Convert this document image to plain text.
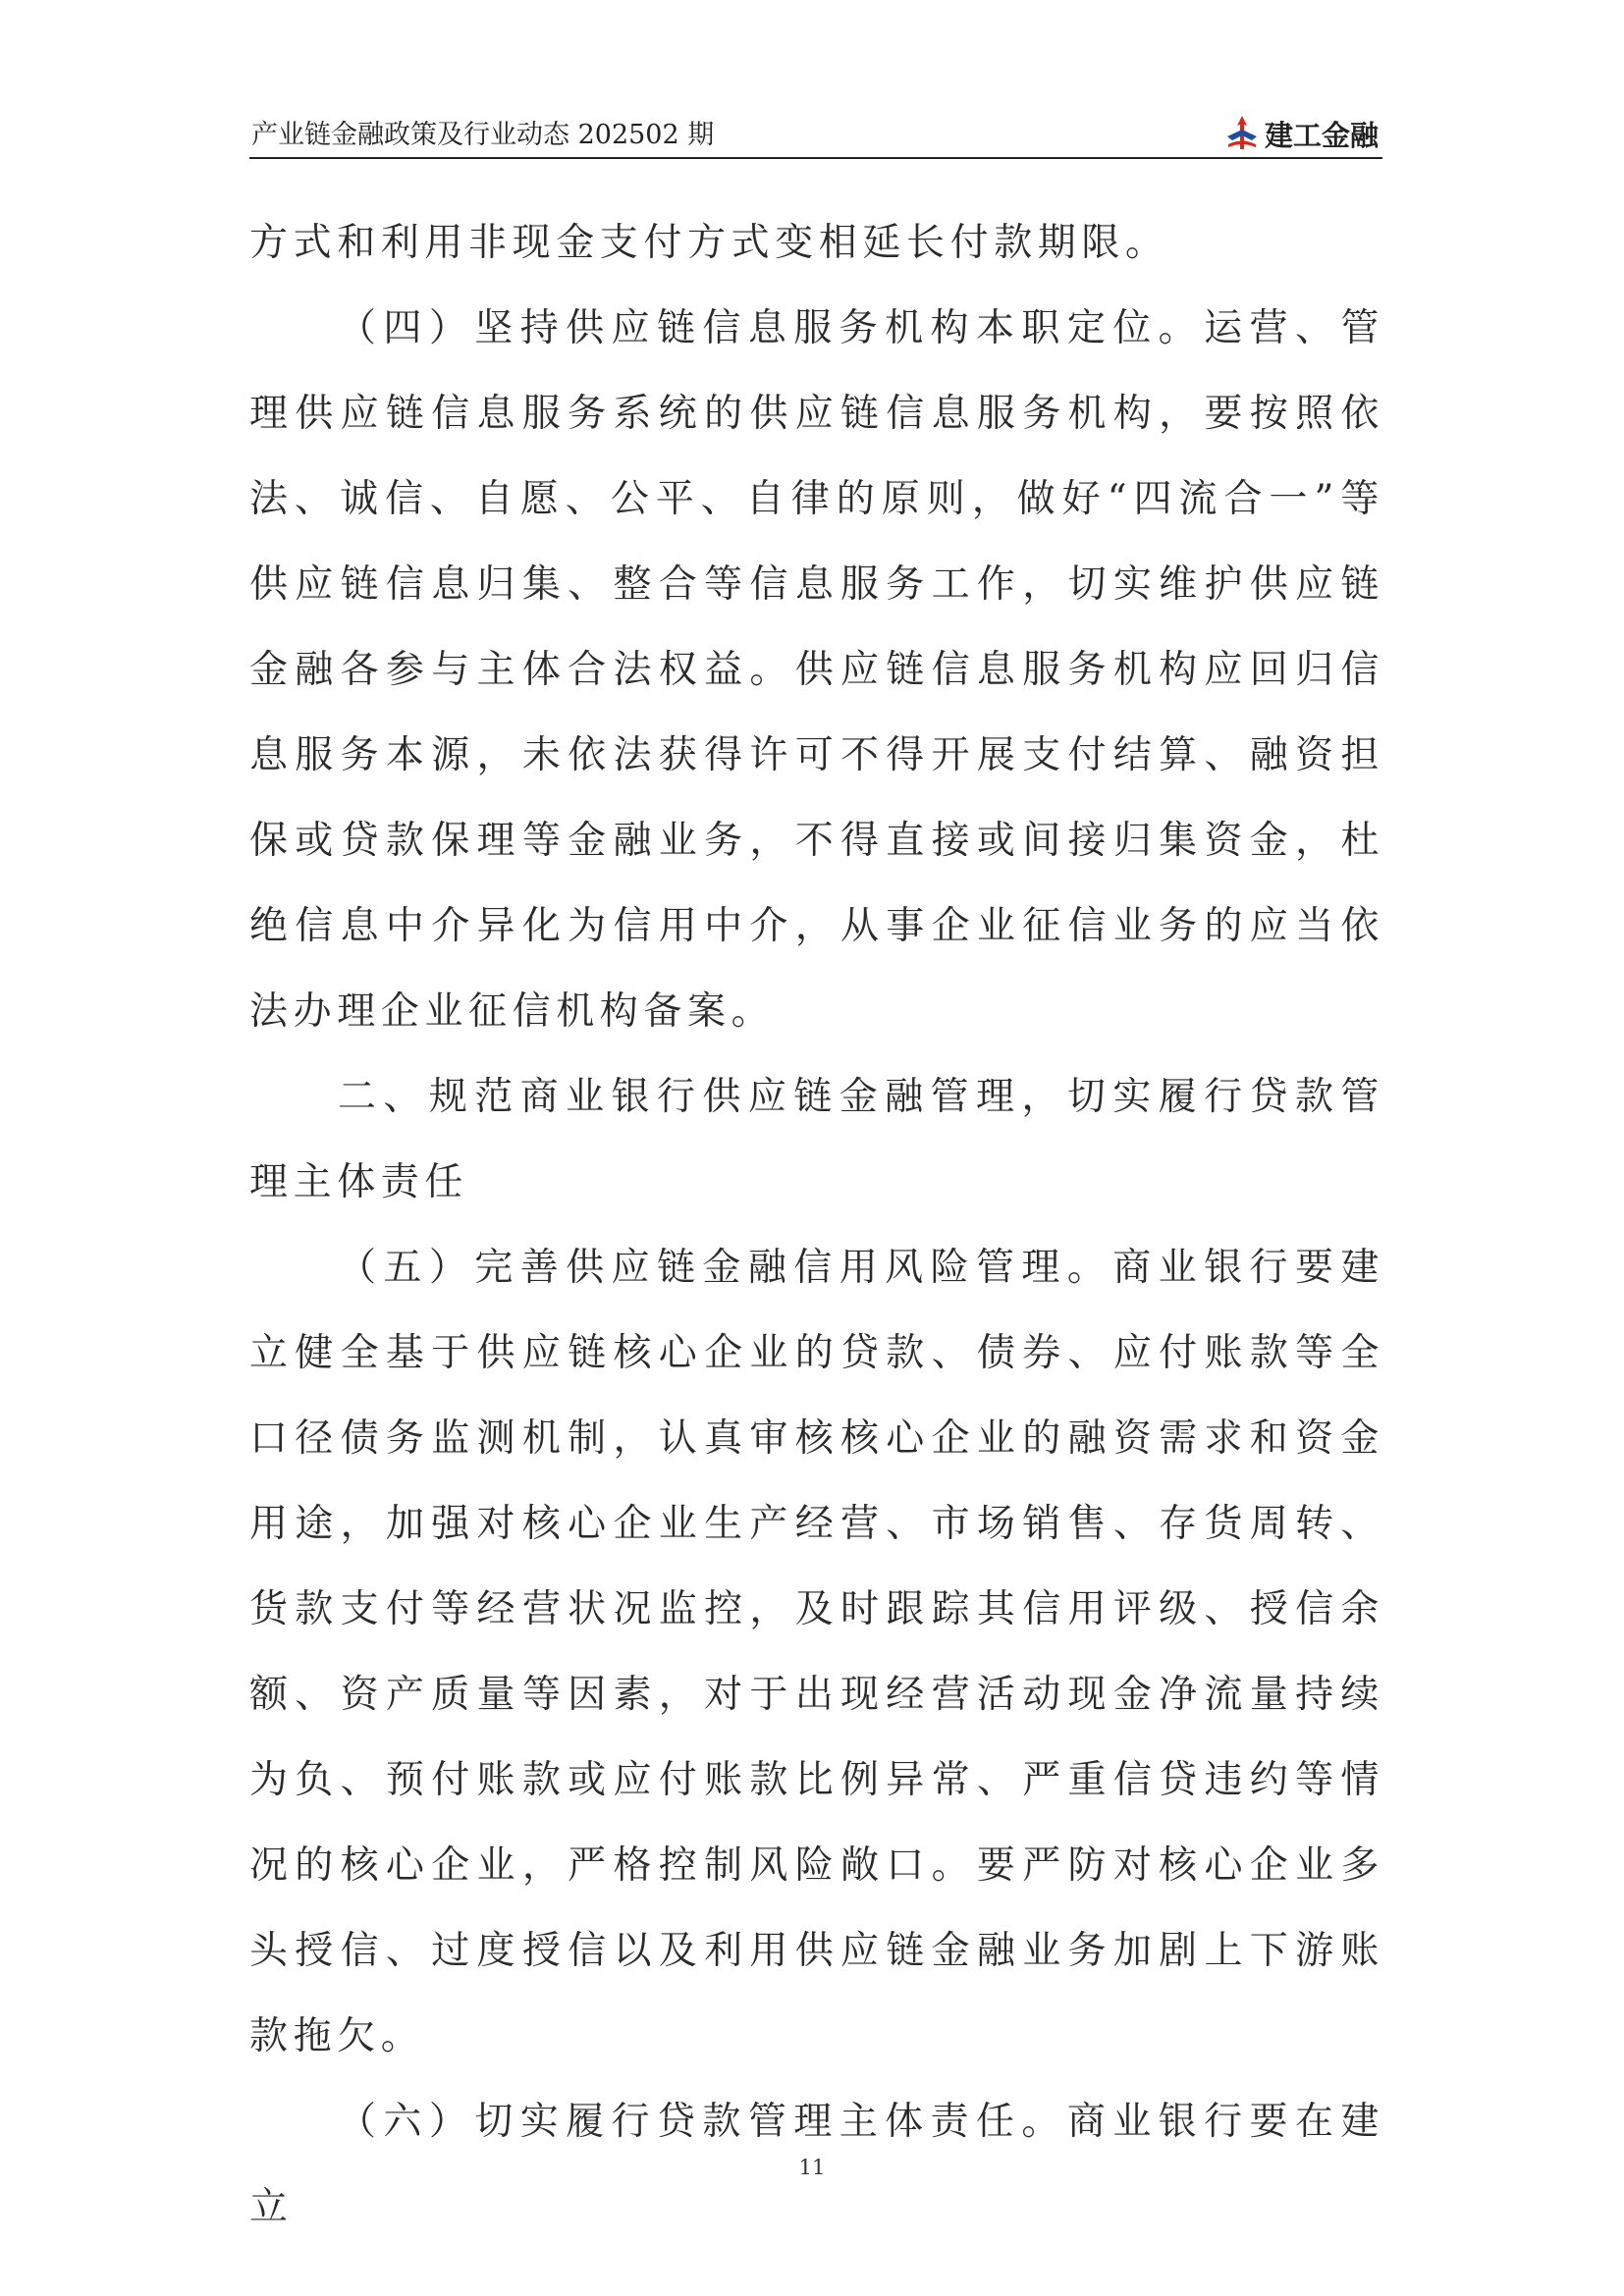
产业链金融政策及行业动态 202502 期	建工金融

方式和利用非现金支付方式变相延长付款期限。

（四）坚持供应链信息服务机构本职定位。运营、管理供应链信息服务系统的供应链信息服务机构，要按照依法、诚信、自愿、公平、自律的原则，做好“四流合一”等供应链信息归集、整合等信息服务工作，切实维护供应链金融各参与主体合法权益。供应链信息服务机构应回归信息服务本源，未依法获得许可不得开展支付结算、融资担保或贷款保理等金融业务，不得直接或间接归集资金，杜绝信息中介异化为信用中介，从事企业征信业务的应当依法办理企业征信机构备案。

二、规范商业银行供应链金融管理，切实履行贷款管理主体责任

（五）完善供应链金融信用风险管理。商业银行要建立健全基于供应链核心企业的贷款、债券、应付账款等全口径债务监测机制，认真审核核心企业的融资需求和资金用途，加强对核心企业生产经营、市场销售、存货周转、货款支付等经营状况监控，及时跟踪其信用评级、授信余额、资产质量等因素，对于出现经营活动现金净流量持续为负、预付账款或应付账款比例异常、严重信贷违约等情况的核心企业，严格控制风险敞口。要严防对核心企业多头授信、过度授信以及利用供应链金融业务加剧上下游账款拖欠。

（六）切实履行贷款管理主体责任。商业银行要在建立

11
